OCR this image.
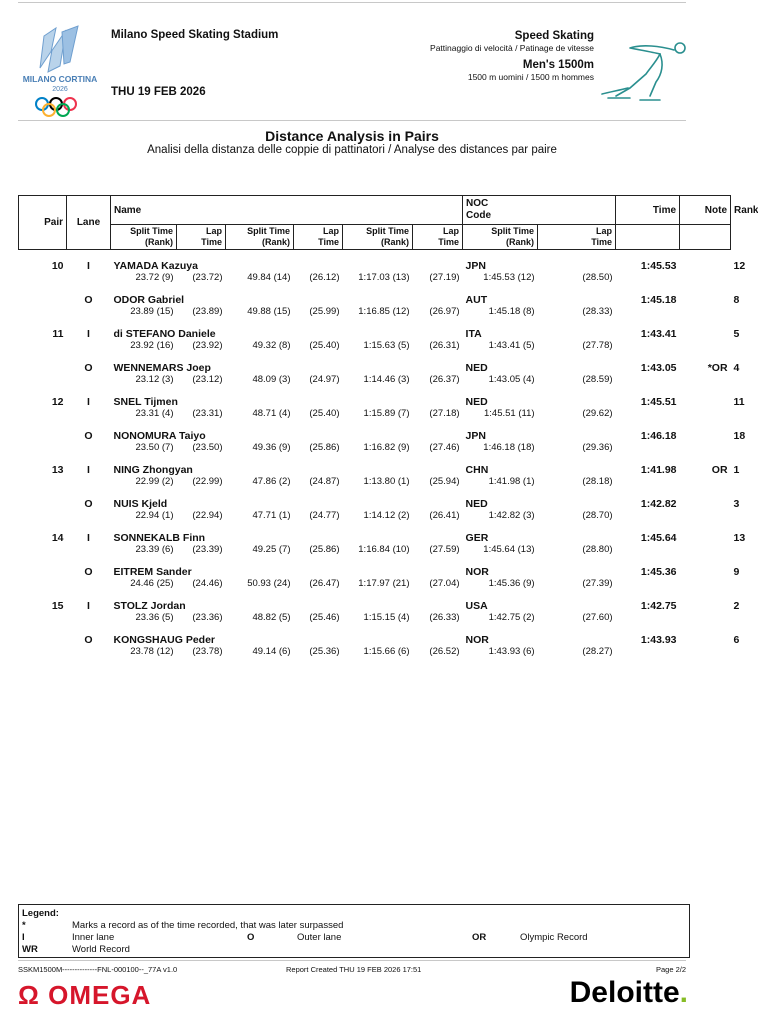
MILANO CORTINA
2026
Milano Speed Skating Stadium
THU 19 FEB 2026
Speed Skating
Pattinaggio di velocità / Patinage de vitesse
Men's 1500m
1500 m uomini / 1500 m hommes
Distance Analysis in Pairs
Analisi della distanza delle coppie di pattinatori / Analyse des distances par paire
Pair	Lane	Name						NOC
Code		Time	Note	Rank
		Split Time
(Rank)	Lap
Time	Split Time
(Rank)	Lap
Time	Split Time
(Rank)	Lap
Time	Split Time
(Rank)	Lap
Time			

10	I	YAMADA Kazuya						JPN		1:45.53		12
		23.72 (9)	(23.72)	49.84 (14)	(26.12)	1:17.03 (13)	(27.19)	1:45.53 (12)	(28.50)			
	O	ODOR Gabriel						AUT		1:45.18		8
		23.89 (15)	(23.89)	49.88 (15)	(25.99)	1:16.85 (12)	(26.97)	1:45.18 (8)	(28.33)			
11	I	di STEFANO Daniele						ITA		1:43.41		5
		23.92 (16)	(23.92)	49.32 (8)	(25.40)	1:15.63 (5)	(26.31)	1:43.41 (5)	(27.78)			
	O	WENNEMARS Joep						NED		1:43.05	*OR	4
		23.12 (3)	(23.12)	48.09 (3)	(24.97)	1:14.46 (3)	(26.37)	1:43.05 (4)	(28.59)			
12	I	SNEL Tijmen						NED		1:45.51		11
		23.31 (4)	(23.31)	48.71 (4)	(25.40)	1:15.89 (7)	(27.18)	1:45.51 (11)	(29.62)			
	O	NONOMURA Taiyo						JPN		1:46.18		18
		23.50 (7)	(23.50)	49.36 (9)	(25.86)	1:16.82 (9)	(27.46)	1:46.18 (18)	(29.36)			
13	I	NING Zhongyan						CHN		1:41.98	OR	1
		22.99 (2)	(22.99)	47.86 (2)	(24.87)	1:13.80 (1)	(25.94)	1:41.98 (1)	(28.18)			
	O	NUIS Kjeld						NED		1:42.82		3
		22.94 (1)	(22.94)	47.71 (1)	(24.77)	1:14.12 (2)	(26.41)	1:42.82 (3)	(28.70)			
14	I	SONNEKALB Finn						GER		1:45.64		13
		23.39 (6)	(23.39)	49.25 (7)	(25.86)	1:16.84 (10)	(27.59)	1:45.64 (13)	(28.80)			
	O	EITREM Sander						NOR		1:45.36		9
		24.46 (25)	(24.46)	50.93 (24)	(26.47)	1:17.97 (21)	(27.04)	1:45.36 (9)	(27.39)			
15	I	STOLZ Jordan						USA		1:42.75		2
		23.36 (5)	(23.36)	48.82 (5)	(25.46)	1:15.15 (4)	(26.33)	1:42.75 (2)	(27.60)			
	O	KONGSHAUG Peder						NOR		1:43.93		6
		23.78 (12)	(23.78)	49.14 (6)	(25.36)	1:15.66 (6)	(26.52)	1:43.93 (6)	(28.27)			
Legend:
*	Marks a record as of the time recorded, that was later surpassed
I	Inner lane	O	Outer lane	OR	Olympic Record
WR	World Record
SSKM1500M--------------FNL-000100--_77A v1.0	Report Created THU 19 FEB 2026 17:51	Page 2/2
Ω OMEGA	Deloitte.
